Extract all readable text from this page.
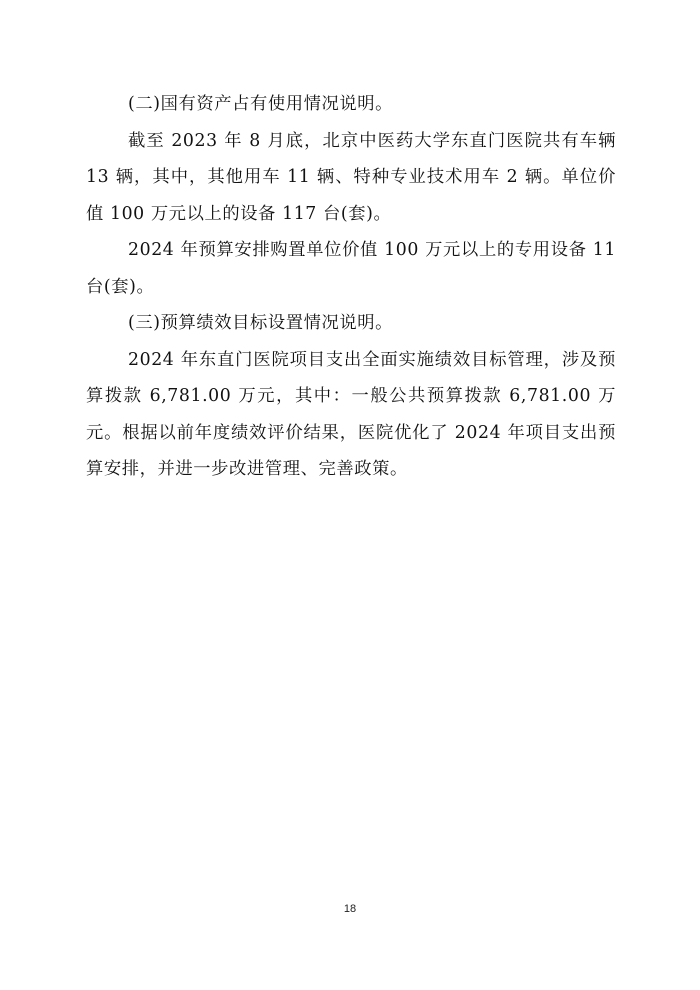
(二)国有资产占有使用情况说明。

截至 2023 年 8 月底，北京中医药大学东直门医院共有车辆 13 辆，其中，其他用车 11 辆、特种专业技术用车 2 辆。单位价值 100 万元以上的设备 117 台(套)。

2024 年预算安排购置单位价值 100 万元以上的专用设备 11 台(套)。

(三)预算绩效目标设置情况说明。

2024 年东直门医院项目支出全面实施绩效目标管理，涉及预算拨款 6,781.00 万元，其中：一般公共预算拨款 6,781.00 万元。根据以前年度绩效评价结果，医院优化了 2024 年项目支出预算安排，并进一步改进管理、完善政策。

18
